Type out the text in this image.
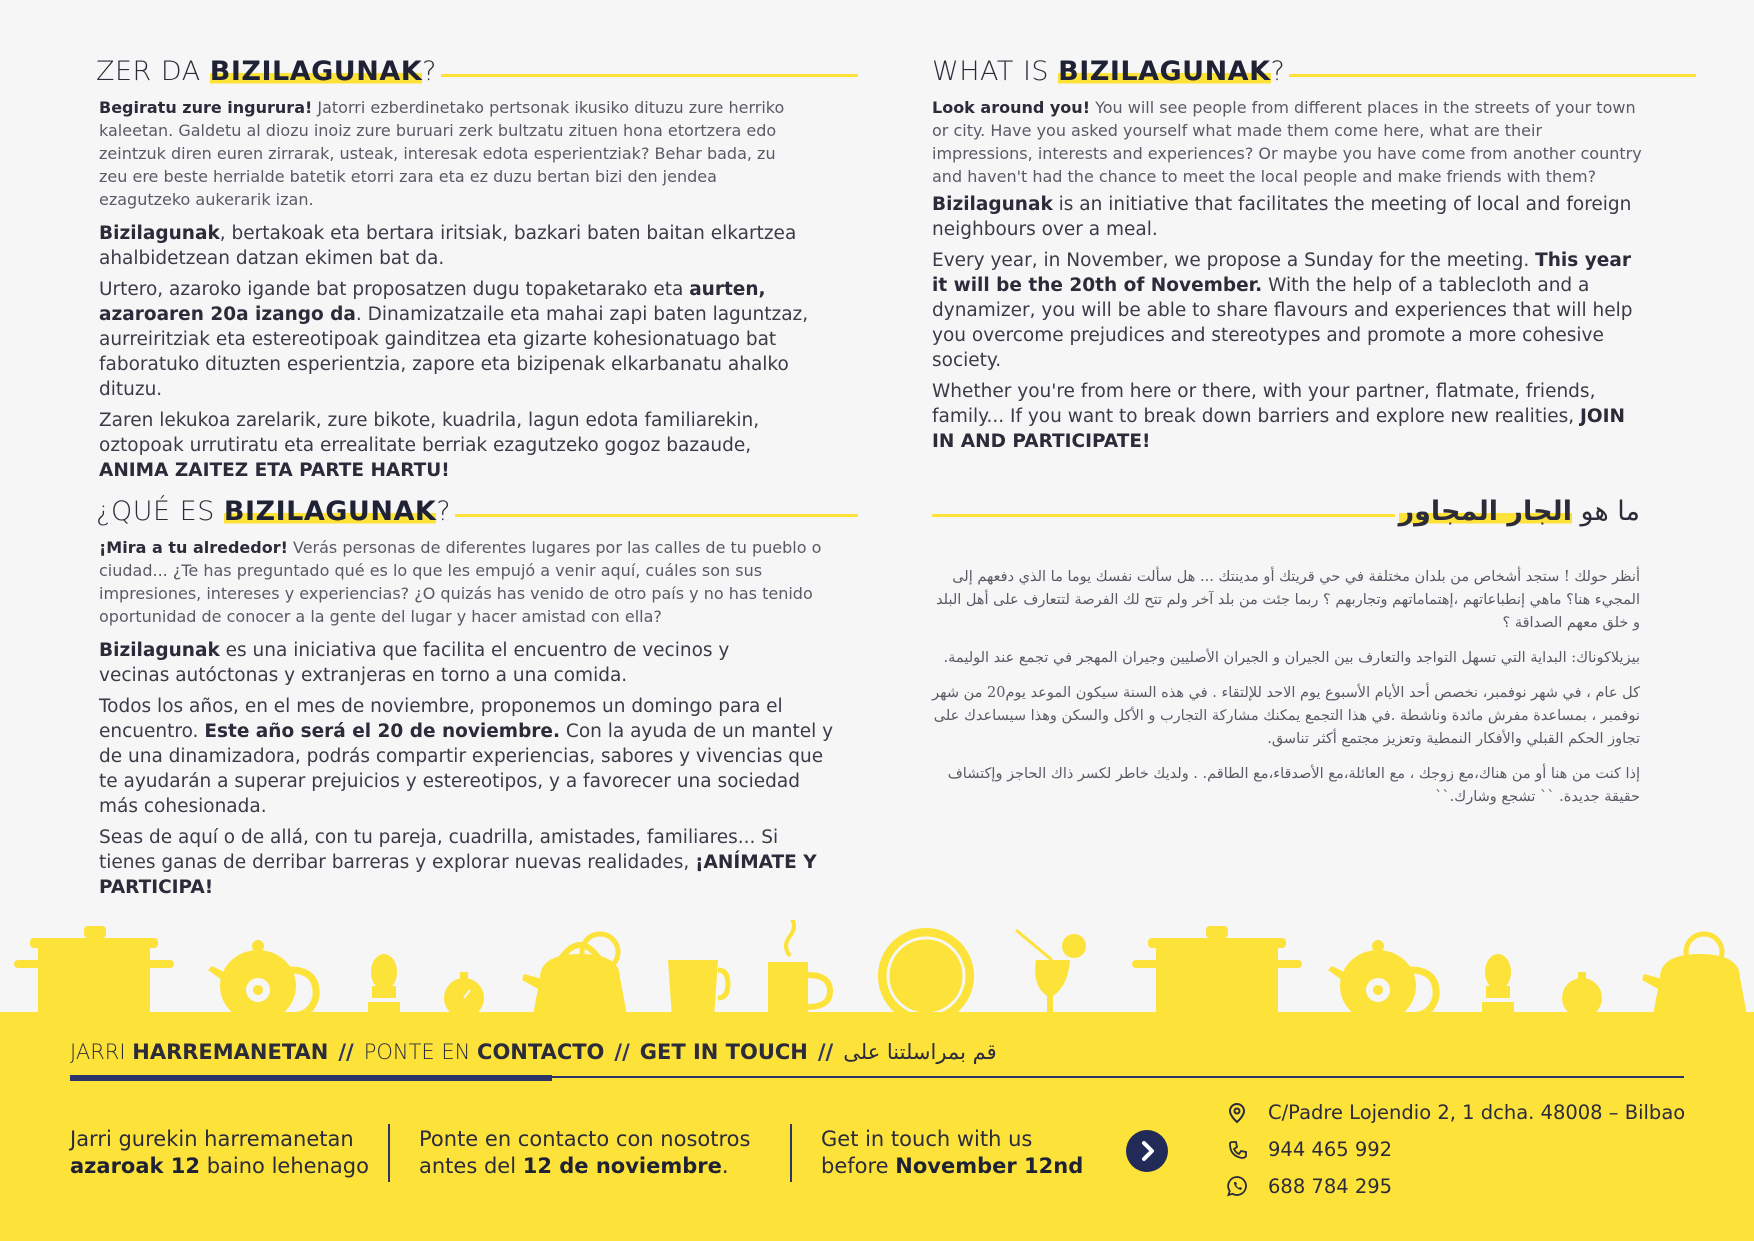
ZER DA BIZILAGUNAK?

Begiratu zure ingurura! Jatorri ezberdinetako pertsonak ikusiko dituzu zure herriko kaleetan. Galdetu al diozu inoiz zure buruari zerk bultzatu zituen hona etortzera edo zeintzuk diren euren zirrarak, usteak, interesak edota esperientziak? Behar bada, zu zeu ere beste herrialde batetik etorri zara eta ez duzu bertan bizi den jendea ezagutzeko aukerarik izan.

Bizilagunak, bertakoak eta bertara iritsiak, bazkari baten baitan elkartzea ahalbidetzean datzan ekimen bat da.

Urtero, azaroko igande bat proposatzen dugu topaketarako eta aurten, azaroaren 20a izango da. Dinamizatzaile eta mahai zapi baten laguntzaz, aurreiritziak eta estereotipoak gainditzea eta gizarte kohesionatuago bat faboratuko dituzten esperientzia, zapore eta bizipenak elkarbanatu ahalko dituzu.

Zaren lekukoa zarelarik, zure bikote, kuadrila, lagun edota familiarekin, oztopoak urrutiratu eta errealitate berriak ezagutzeko gogoz bazaude, ANIMA ZAITEZ ETA PARTE HARTU!

WHAT IS BIZILAGUNAK?

Look around you! You will see people from different places in the streets of your town or city. Have you asked yourself what made them come here, what are their impressions, interests and experiences? Or maybe you have come from another country and haven't had the chance to meet the local people and make friends with them?

Bizilagunak is an initiative that facilitates the meeting of local and foreign neighbours over a meal.

Every year, in November, we propose a Sunday for the meeting. This year it will be the 20th of November. With the help of a tablecloth and a dynamizer, you will be able to share flavours and experiences that will help you overcome prejudices and stereotypes and promote a more cohesive society.

Whether you're from here or there, with your partner, flatmate, friends, family... If you want to break down barriers and explore new realities, JOIN IN AND PARTICIPATE!

¿QUÉ ES BIZILAGUNAK?

¡Mira a tu alrededor! Verás personas de diferentes lugares por las calles de tu pueblo o ciudad... ¿Te has preguntado qué es lo que les empujó a venir aquí, cuáles son sus impresiones, intereses y experiencias? ¿O quizás has venido de otro país y no has tenido oportunidad de conocer a la gente del lugar y hacer amistad con ella?

Bizilagunak es una iniciativa que facilita el encuentro de vecinos y vecinas autóctonas y extranjeras en torno a una comida.

Todos los años, en el mes de noviembre, proponemos un domingo para el encuentro. Este año será el 20 de noviembre. Con la ayuda de un mantel y de una dinamizadora, podrás compartir experiencias, sabores y vivencias que te ayudarán a superar prejuicios y estereotipos, y a favorecer una sociedad más cohesionada.

Seas de aquí o de allá, con tu pareja, cuadrilla, amistades, familiares... Si tienes ganas de derribar barreras y explorar nuevas realidades, ¡ANÍMATE Y PARTICIPA!

ما هو الجار المجاور

أنظر حولك ! ستجد أشخاص من بلدان مختلفة في حي قريتك أو مدينتك ... هل سألت نفسك يوما ما الذي دفعهم إلى المجيء هنا؟ ماهي إنطباعاتهم ،إهتماماتهم وتجاربهم ؟ ربما جئت من بلد آخر ولم تتح لك الفرصة لتتعارف على أهل البلد و خلق معهم الصداقة ؟

بيزيلاكوناك: البداية التي تسهل التواجد والتعارف بين الجيران و الجيران الأصليين وجيران المهجر في تجمع عند الوليمة.

كل عام ، في شهر نوفمبر، نخصص أحد الأيام الأسبوع يوم الاحد للإلتقاء . في هذه السنة سيكون الموعد يوم20 من شهر نوفمبر ، بمساعدة مفرش مائدة وناشطة .في هذا التجمع يمكنك مشاركة التجارب و الأكل والسكن وهذا سيساعدك على تجاوز الحكم القبلي والأفكار النمطية وتعزيز مجتمع أكثر تناسق.

إذا كنت من هنا أو من هناك،مع زوجك ، مع العائلة،مع الأصدقاء،مع الطاقم. . ولديك خاطر لكسر ذاك الحاجز وإكتشاف حقيقة جديدة. `` تشجع وشارك.``

JARRI HARREMANETAN // PONTE EN CONTACTO // GET IN TOUCH // قم بمراسلتنا على
Jarri gurekin harremanetan
azaroak 12 baino lehenago
Ponte en contacto con nosotros
antes del 12 de noviembre.
Get in touch with us
before November 12nd
C/Padre Lojendio 2, 1 dcha. 48008 – Bilbao
944 465 992
688 784 295
